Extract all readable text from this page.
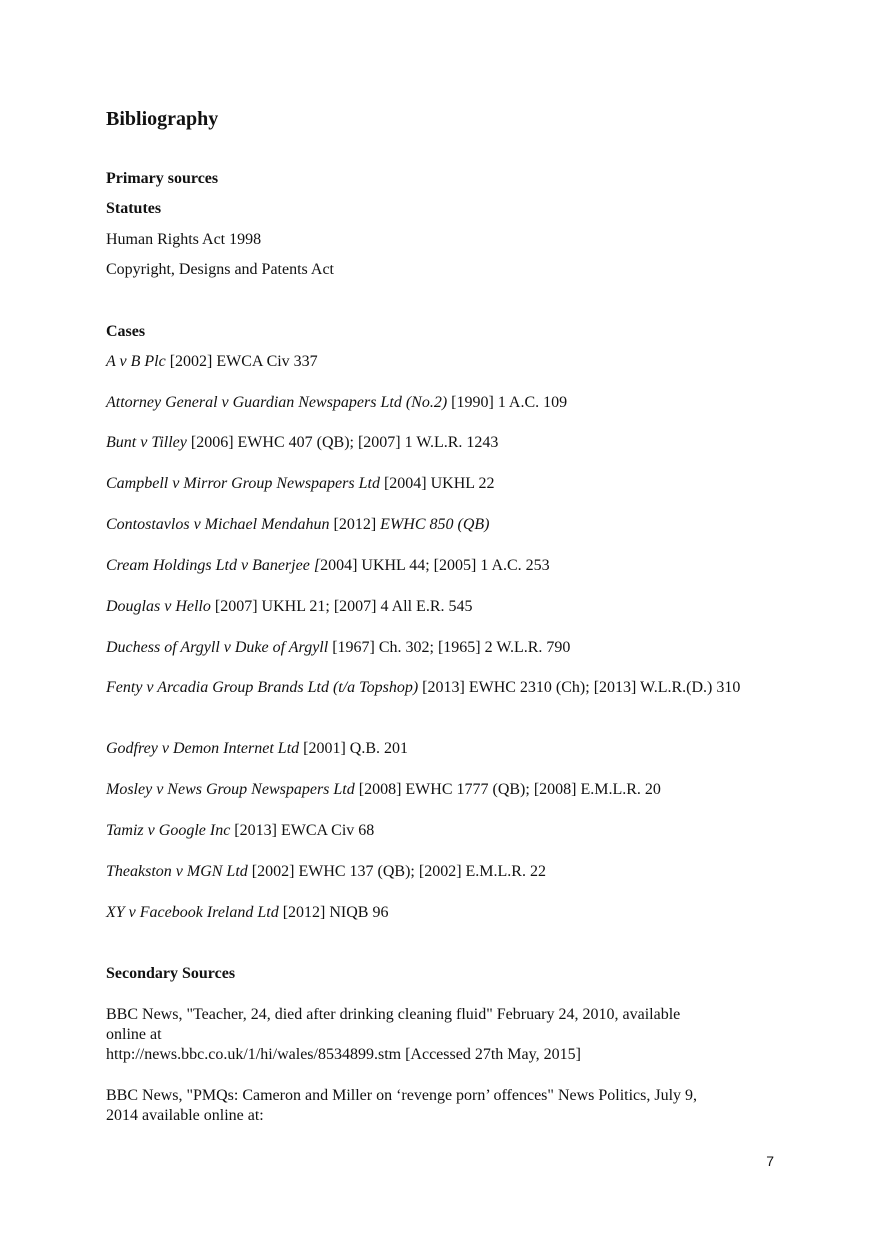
Bibliography
Primary sources
Statutes
Human Rights Act 1998
Copyright, Designs and Patents Act
Cases
A v B Plc [2002] EWCA Civ 337
Attorney General v Guardian Newspapers Ltd (No.2) [1990] 1 A.C. 109
Bunt v Tilley [2006] EWHC 407 (QB); [2007] 1 W.L.R. 1243
Campbell v Mirror Group Newspapers Ltd [2004] UKHL 22
Contostavlos v Michael Mendahun [2012] EWHC 850 (QB)
Cream Holdings Ltd v Banerjee [2004] UKHL 44; [2005] 1 A.C. 253
Douglas v Hello [2007] UKHL 21; [2007] 4 All E.R. 545
Duchess of Argyll v Duke of Argyll [1967] Ch. 302; [1965] 2 W.L.R. 790
Fenty v Arcadia Group Brands Ltd (t/a Topshop) [2013] EWHC 2310 (Ch); [2013] W.L.R.(D.) 310
Godfrey v Demon Internet Ltd [2001] Q.B. 201
Mosley v News Group Newspapers Ltd [2008] EWHC 1777 (QB); [2008] E.M.L.R. 20
Tamiz v Google Inc [2013] EWCA Civ 68
Theakston v MGN Ltd [2002] EWHC 137 (QB); [2002] E.M.L.R. 22
XY v Facebook Ireland Ltd [2012] NIQB 96
Secondary Sources
BBC News, "Teacher, 24, died after drinking cleaning fluid" February 24, 2010, available
online at
http://news.bbc.co.uk/1/hi/wales/8534899.stm [Accessed 27th May, 2015]
BBC News, "PMQs: Cameron and Miller on ‘revenge porn’ offences" News Politics, July 9,
2014 available online at:
7
